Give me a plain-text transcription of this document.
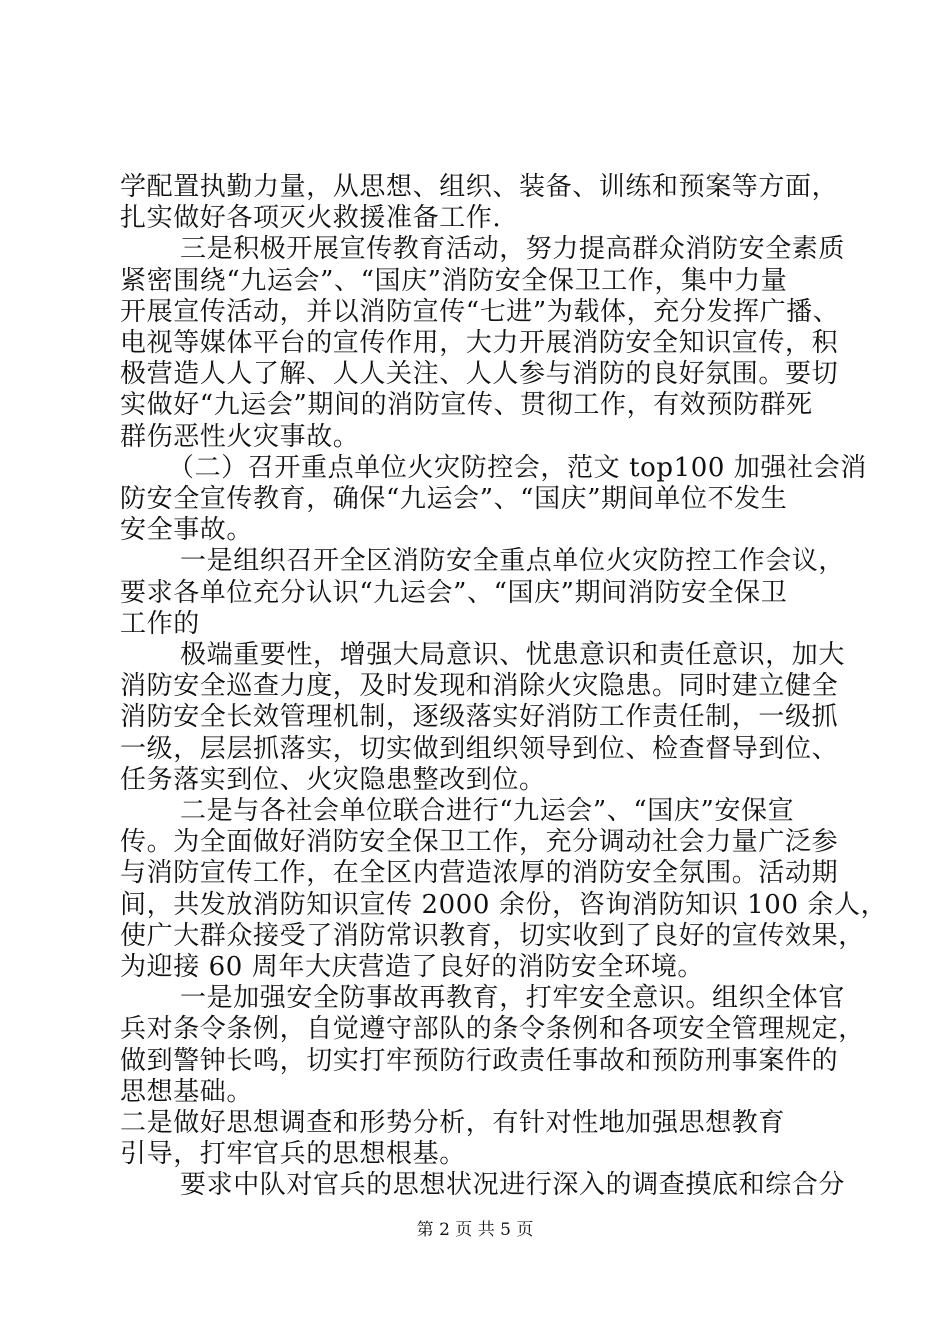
学配置执勤力量，从思想、组织、装备、训练和预案等方面，
扎实做好各项灭火救援准备工作.
三是积极开展宣传教育活动，努力提高群众消防安全素质
紧密围绕“九运会”、“国庆”消防安全保卫工作，集中力量
开展宣传活动，并以消防宣传“七进”为载体，充分发挥广播、
电视等媒体平台的宣传作用，大力开展消防安全知识宣传，积
极营造人人了解、人人关注、人人参与消防的良好氛围。要切
实做好“九运会”期间的消防宣传、贯彻工作，有效预防群死
群伤恶性火灾事故。
（二）召开重点单位火灾防控会，范文 top100 加强社会消
防安全宣传教育，确保“九运会”、“国庆”期间单位不发生
安全事故。
一是组织召开全区消防安全重点单位火灾防控工作会议，
要求各单位充分认识“九运会”、“国庆”期间消防安全保卫
工作的
极端重要性，增强大局意识、忧患意识和责任意识，加大
消防安全巡查力度，及时发现和消除火灾隐患。同时建立健全
消防安全长效管理机制，逐级落实好消防工作责任制，一级抓
一级，层层抓落实，切实做到组织领导到位、检查督导到位、
任务落实到位、火灾隐患整改到位。
二是与各社会单位联合进行“九运会”、“国庆”安保宣
传。为全面做好消防安全保卫工作，充分调动社会力量广泛参
与消防宣传工作，在全区内营造浓厚的消防安全氛围。活动期
间，共发放消防知识宣传 2000 余份，咨询消防知识 100 余人，
使广大群众接受了消防常识教育，切实收到了良好的宣传效果，
为迎接 60 周年大庆营造了良好的消防安全环境。
一是加强安全防事故再教育，打牢安全意识。组织全体官
兵对条令条例，自觉遵守部队的条令条例和各项安全管理规定，
做到警钟长鸣，切实打牢预防行政责任事故和预防刑事案件的
思想基础。
二是做好思想调查和形势分析，有针对性地加强思想教育
引导，打牢官兵的思想根基。
要求中队对官兵的思想状况进行深入的调查摸底和综合分
第 2 页 共 5 页
